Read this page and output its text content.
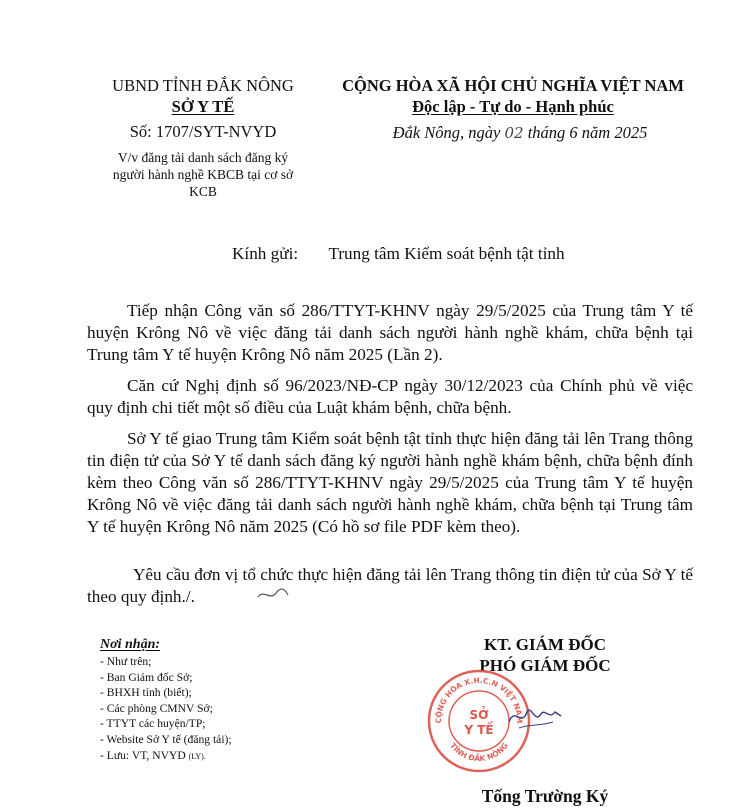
UBND TỈNH ĐẮK NÔNG
SỞ Y TẾ
Số: 1707/SYT-NVYD
V/v đăng tải danh sách đăng ký
người hành nghề KBCB tại cơ sở
KCB
CỘNG HÒA XÃ HỘI CHỦ NGHĨA VIỆT NAM
Độc lập - Tự do - Hạnh phúc
Đắk Nông, ngày 02 tháng 6 năm 2025
Kính gửi: Trung tâm Kiểm soát bệnh tật tỉnh
Tiếp nhận Công văn số 286/TTYT-KHNV ngày 29/5/2025 của Trung tâm Y tế huyện Krông Nô về việc đăng tải danh sách người hành nghề khám, chữa bệnh tại Trung tâm Y tế huyện Krông Nô năm 2025 (Lần 2).
Căn cứ Nghị định số 96/2023/NĐ-CP ngày 30/12/2023 của Chính phủ về việc quy định chi tiết một số điều của Luật khám bệnh, chữa bệnh.
Sở Y tế giao Trung tâm Kiểm soát bệnh tật tỉnh thực hiện đăng tải lên Trang thông tin điện tử của Sở Y tế danh sách đăng ký người hành nghề khám bệnh, chữa bệnh đính kèm theo Công văn số 286/TTYT-KHNV ngày 29/5/2025 của Trung tâm Y tế huyện Krông Nô về việc đăng tải danh sách người hành nghề khám, chữa bệnh tại Trung tâm Y tế huyện Krông Nô năm 2025 (Có hồ sơ file PDF kèm theo).
Yêu cầu đơn vị tổ chức thực hiện đăng tải lên Trang thông tin điện tử của Sở Y tế theo quy định./.
Nơi nhận:
- Như trên;
- Ban Giám đốc Sở;
- BHXH tỉnh (biết);
- Các phòng CMNV Sở;
- TTYT các huyện/TP;
- Website Sở Y tế (đăng tải);
- Lưu: VT, NVYD (LY).
KT. GIÁM ĐỐC
PHÓ GIÁM ĐỐC
CỘNG HÒA X.H.C.N VIỆT NAM
TỈNH ĐẮK NÔNG
SỞ
Y TẾ
Tống Trường Ký
